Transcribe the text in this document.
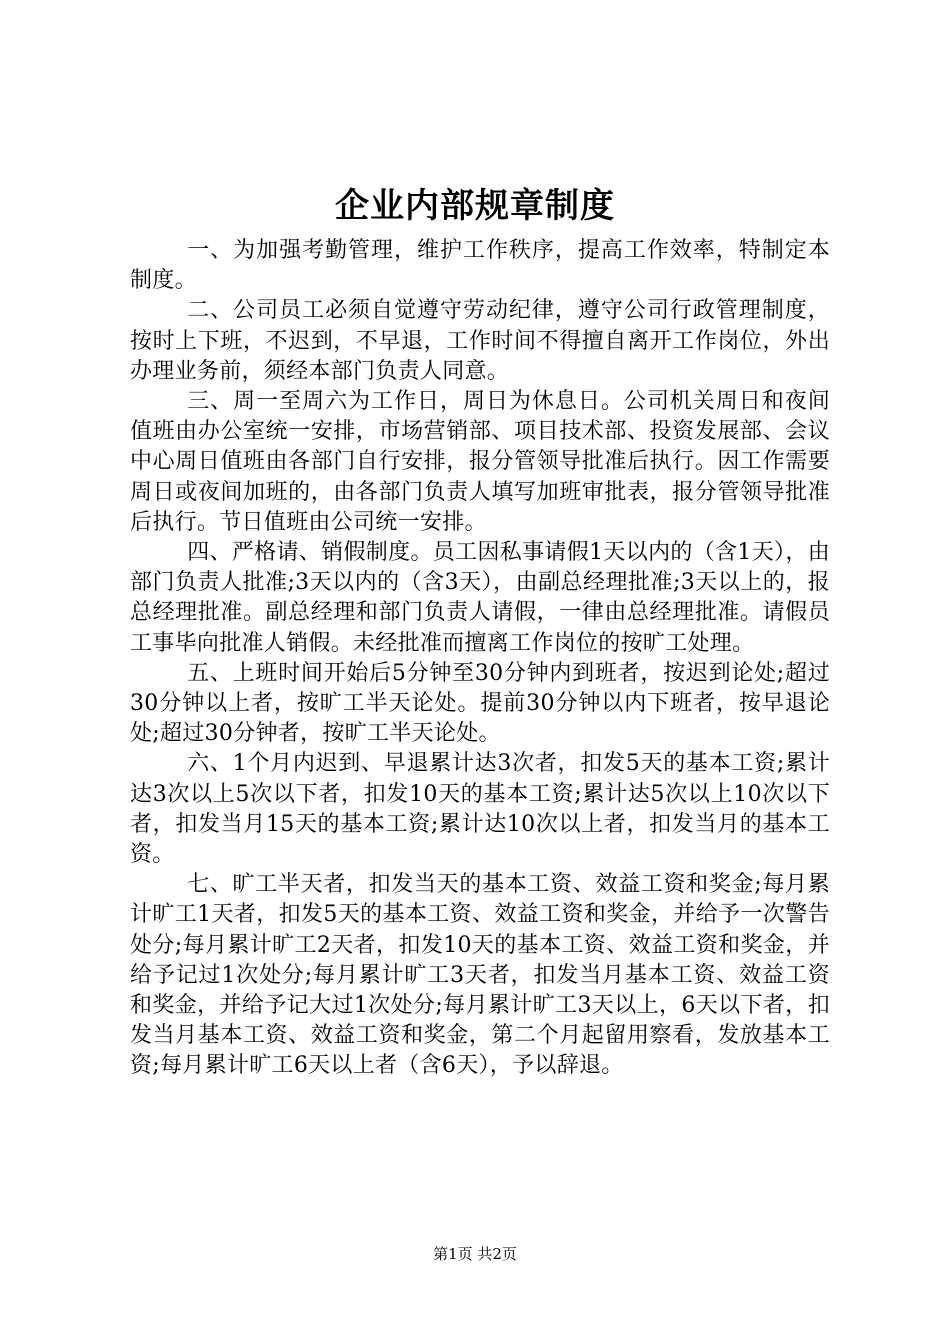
企业内部规章制度

一、为加强考勤管理，维护工作秩序，提高工作效率，特制定本制度。

二、公司员工必须自觉遵守劳动纪律，遵守公司行政管理制度，按时上下班，不迟到，不早退，工作时间不得擅自离开工作岗位，外出办理业务前，须经本部门负责人同意。

三、周一至周六为工作日，周日为休息日。公司机关周日和夜间值班由办公室统一安排，市场营销部、项目技术部、投资发展部、会议中心周日值班由各部门自行安排，报分管领导批准后执行。因工作需要周日或夜间加班的，由各部门负责人填写加班审批表，报分管领导批准后执行。节日值班由公司统一安排。

四、严格请、销假制度。员工因私事请假1天以内的（含1天），由部门负责人批准;3天以内的（含3天），由副总经理批准;3天以上的，报总经理批准。副总经理和部门负责人请假，一律由总经理批准。请假员工事毕向批准人销假。未经批准而擅离工作岗位的按旷工处理。

五、上班时间开始后5分钟至30分钟内到班者，按迟到论处;超过30分钟以上者，按旷工半天论处。提前30分钟以内下班者，按早退论处;超过30分钟者，按旷工半天论处。

六、1个月内迟到、早退累计达3次者，扣发5天的基本工资;累计达3次以上5次以下者，扣发10天的基本工资;累计达5次以上10次以下者，扣发当月15天的基本工资;累计达10次以上者，扣发当月的基本工资。

七、旷工半天者，扣发当天的基本工资、效益工资和奖金;每月累计旷工1天者，扣发5天的基本工资、效益工资和奖金，并给予一次警告处分;每月累计旷工2天者，扣发10天的基本工资、效益工资和奖金，并给予记过1次处分;每月累计旷工3天者，扣发当月基本工资、效益工资和奖金，并给予记大过1次处分;每月累计旷工3天以上，6天以下者，扣发当月基本工资、效益工资和奖金，第二个月起留用察看，发放基本工资;每月累计旷工6天以上者（含6天），予以辞退。

第1页 共2页
